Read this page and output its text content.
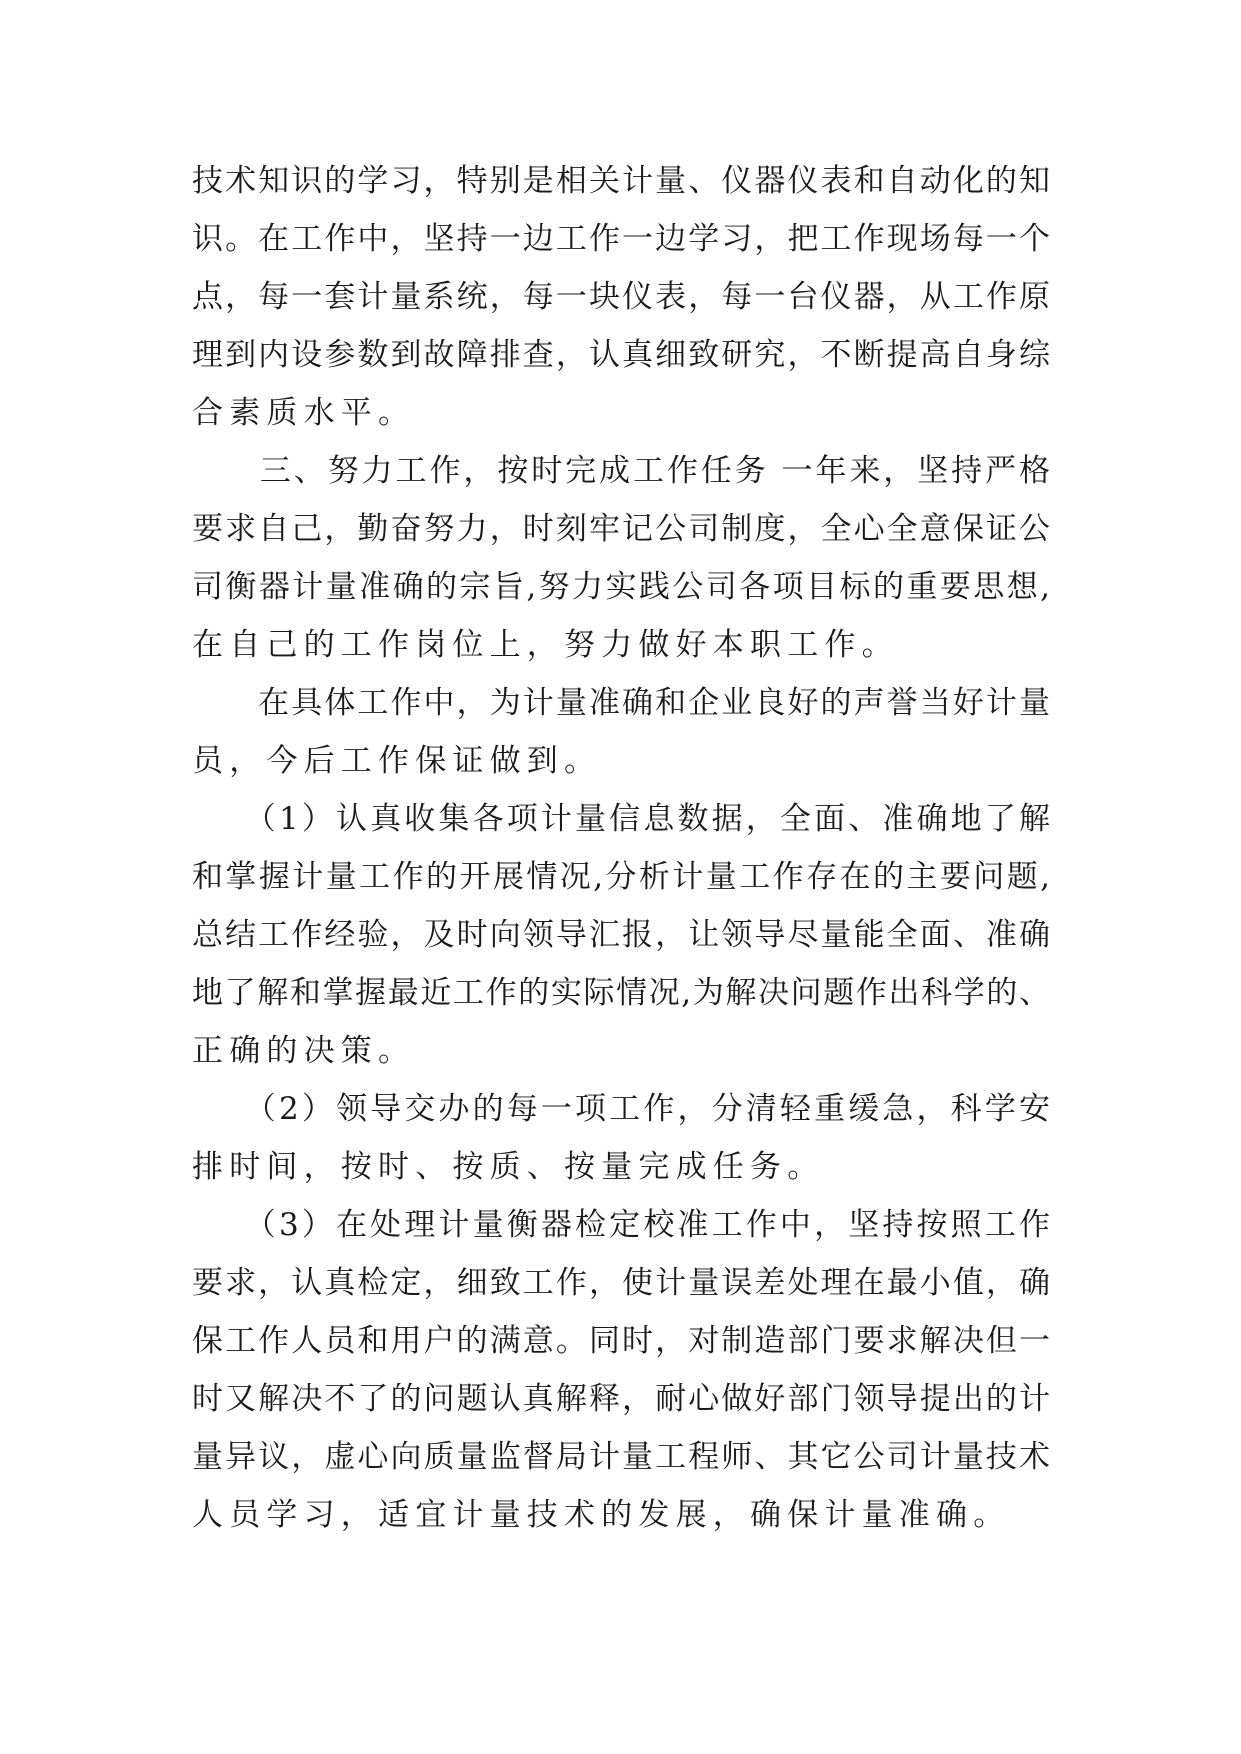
技术知识的学习，特别是相关计量、仪器仪表和自动化的知
识。在工作中，坚持一边工作一边学习，把工作现场每一个
点，每一套计量系统，每一块仪表，每一台仪器，从工作原
理到内设参数到故障排查，认真细致研究，不断提高自身综
合素质水平。
　　三、努力工作，按时完成工作任务 一年来，坚持严格
要求自己，勤奋努力，时刻牢记公司制度，全心全意保证公
司衡器计量准确的宗旨,努力实践公司各项目标的重要思想,
在自己的工作岗位上，努力做好本职工作。
　　在具体工作中，为计量准确和企业良好的声誉当好计量
员，今后工作保证做到。
　　（1）认真收集各项计量信息数据，全面、准确地了解
和掌握计量工作的开展情况,分析计量工作存在的主要问题,
总结工作经验，及时向领导汇报，让领导尽量能全面、准确
地了解和掌握最近工作的实际情况,为解决问题作出科学的、
正确的决策。
　　（2）领导交办的每一项工作，分清轻重缓急，科学安
排时间，按时、按质、按量完成任务。
　　（3）在处理计量衡器检定校准工作中，坚持按照工作
要求，认真检定，细致工作，使计量误差处理在最小值，确
保工作人员和用户的满意。同时，对制造部门要求解决但一
时又解决不了的问题认真解释，耐心做好部门领导提出的计
量异议，虚心向质量监督局计量工程师、其它公司计量技术
人员学习，适宜计量技术的发展，确保计量准确。
